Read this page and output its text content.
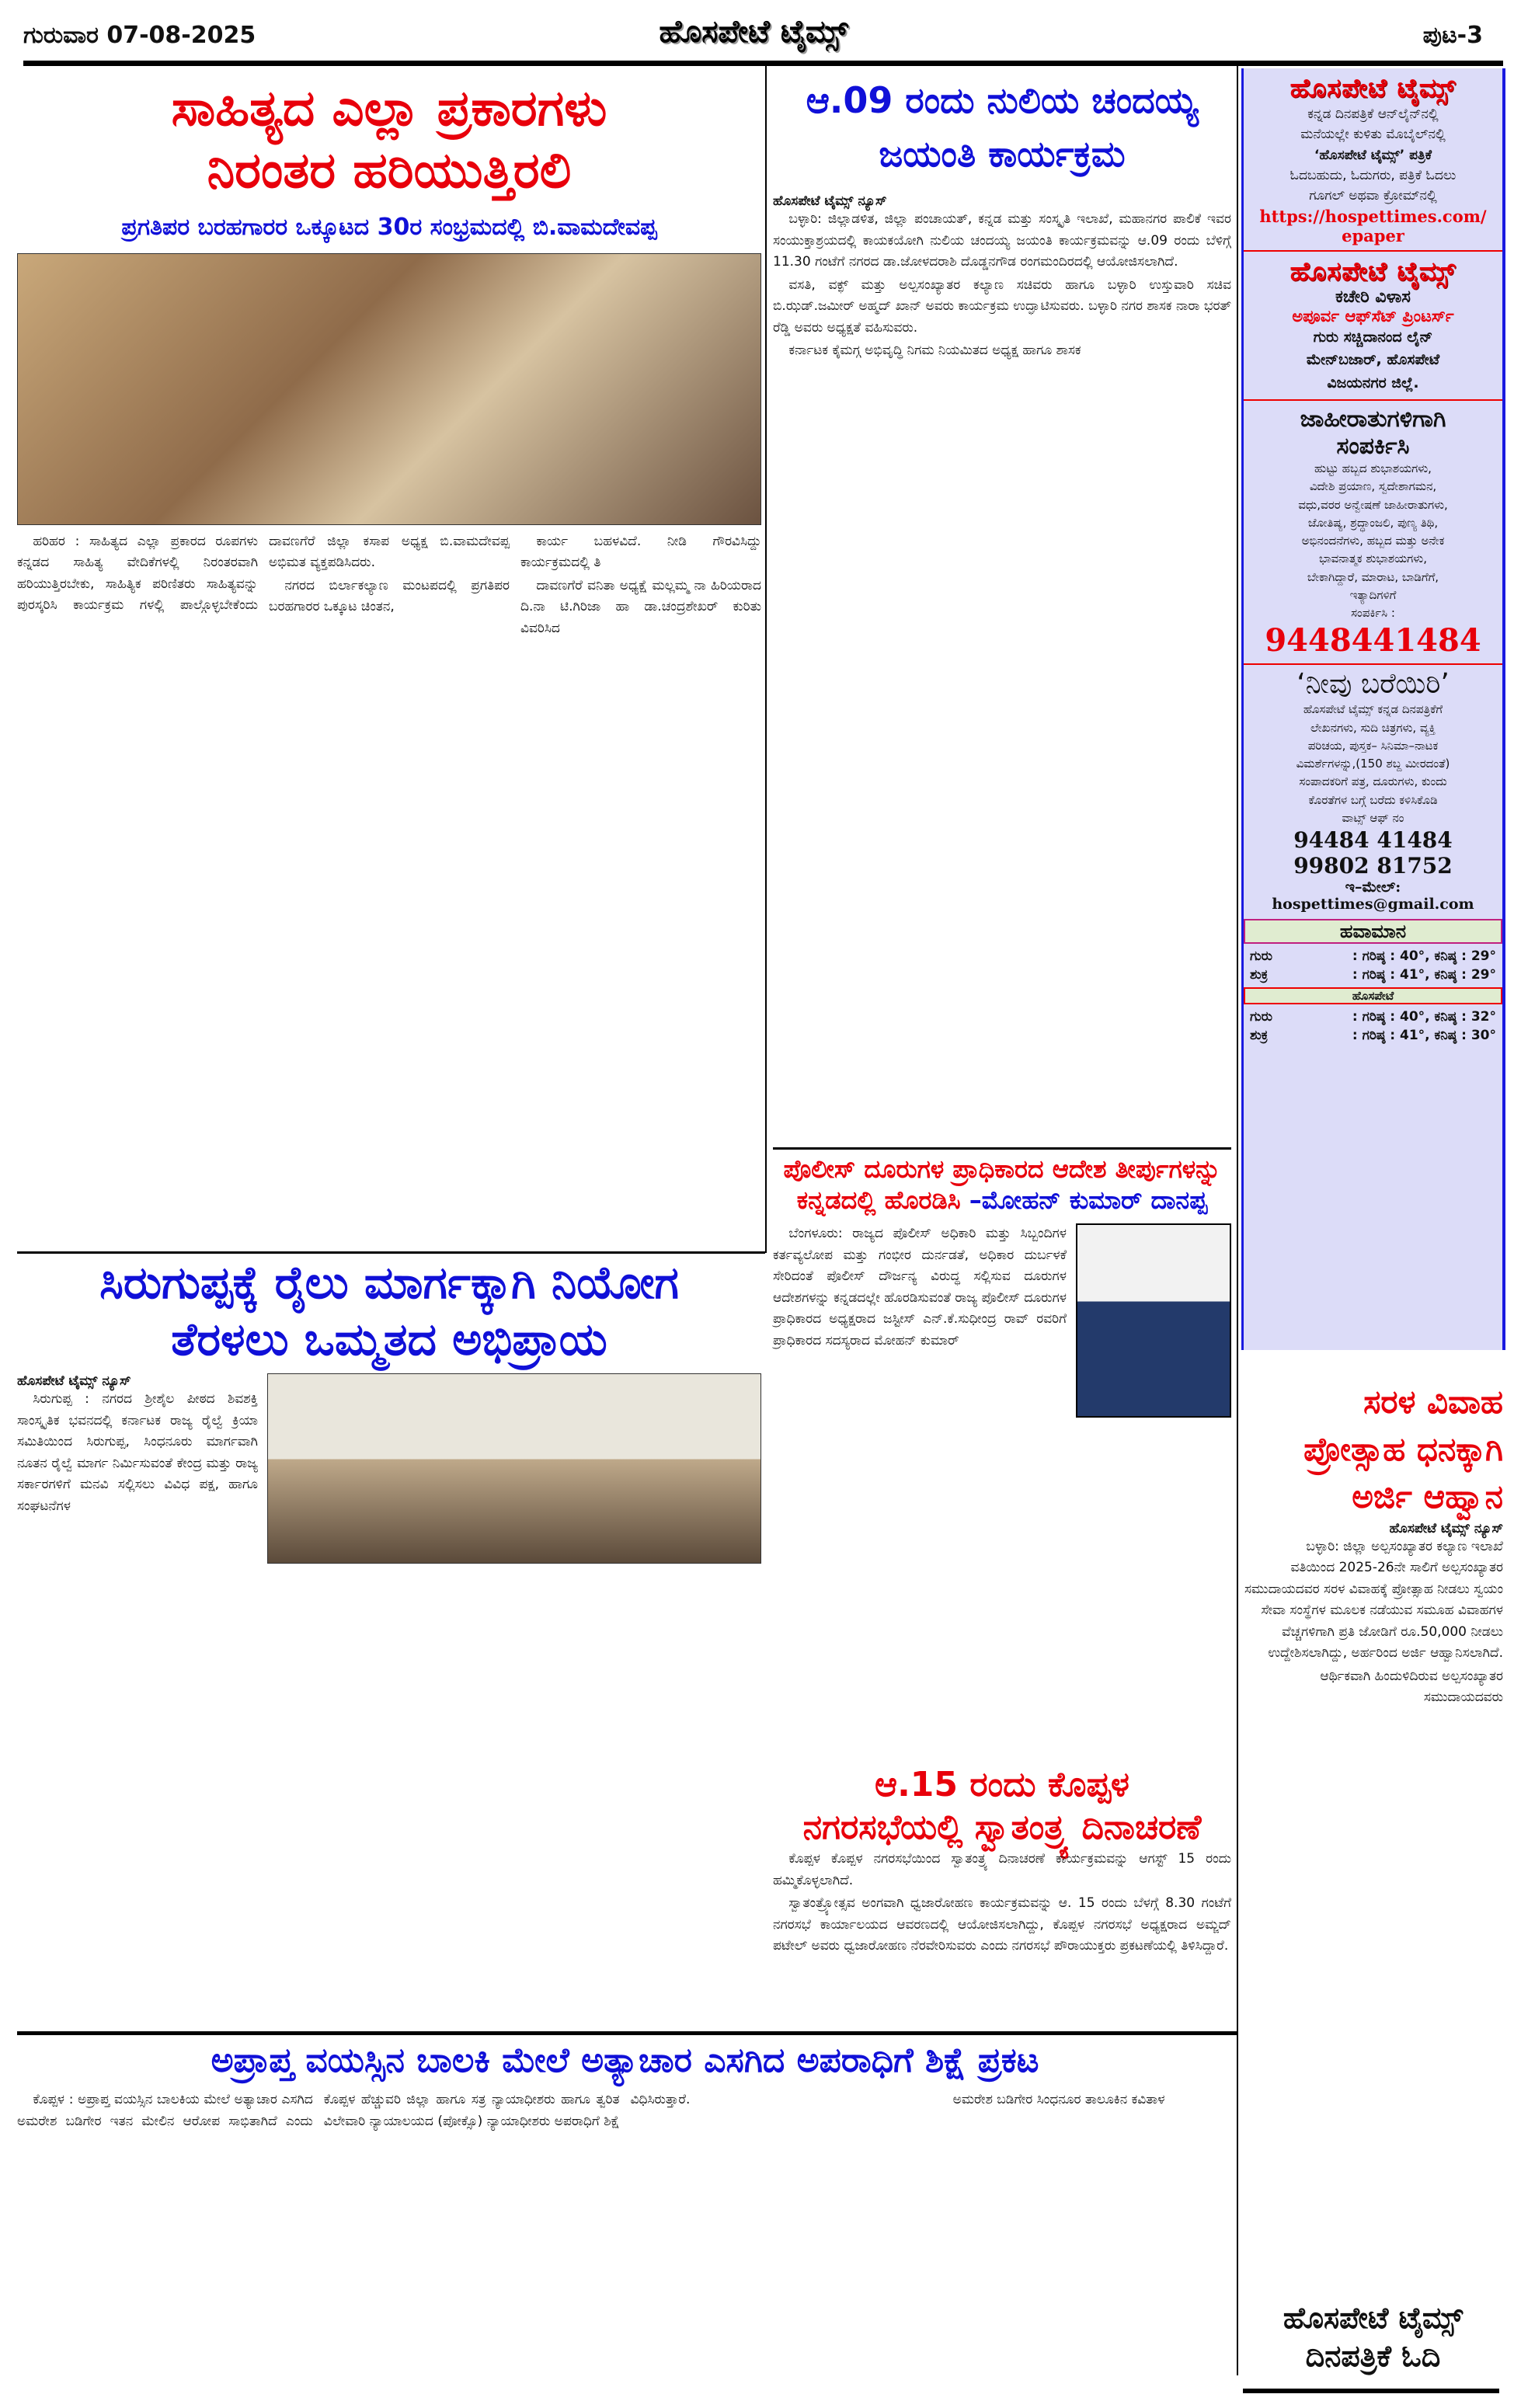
ಗುರುವಾರ 07-08-2025	ಹೊಸಪೇಟೆ ಟೈಮ್ಸ್	ಪುಟ-3
ಸಾಹಿತ್ಯದ ಎಲ್ಲಾ ಪ್ರಕಾರಗಳು
ನಿರಂತರ ಹರಿಯುತ್ತಿರಲಿ
ಪ್ರಗತಿಪರ ಬರಹಗಾರರ ಒಕ್ಕೂಟದ 30ರ ಸಂಭ್ರಮದಲ್ಲಿ ಬಿ.ವಾಮದೇವಪ್ಪ

ಹರಿಹರ : ಸಾಹಿತ್ಯದ ಎಲ್ಲಾ ಪ್ರಕಾರದ ರೂಪಗಳು ಕನ್ನಡದ ಸಾಹಿತ್ಯ ವೇದಿಕೆಗಳಲ್ಲಿ ನಿರಂತರವಾಗಿ ಹರಿಯುತ್ತಿರಬೇಕು, ಸಾಹಿತ್ಯಿಕ ಪರಿಣಿತರು ಸಾಹಿತ್ಯವನ್ನು ಪುರಸ್ಕರಿಸಿ ಕಾರ್ಯಕ್ರಮ ಗಳಲ್ಲಿ ಪಾಲ್ಗೊಳ್ಳಬೇಕೆಂದು ದಾವಣಗೆರೆ ಜಿಲ್ಲಾ ಕಸಾಪ ಅಧ್ಯಕ್ಷ ಬಿ.ವಾಮದೇವಪ್ಪ ಅಭಿಮತ ವ್ಯಕ್ತಪಡಿಸಿದರು.

ನಗರದ ಬಿರ್ಲಾಕಲ್ಯಾಣ ಮಂಟಪದಲ್ಲಿ ಪ್ರಗತಿಪರ ಬರಹಗಾರರ ಒಕ್ಕೂಟ ಚಿಂತನ,

ಕಾರ್ಯ ಬಹಳವಿದೆ. ನೀಡಿ ಗೌರವಿಸಿದ್ದು ಕಾರ್ಯಕ್ರಮದಲ್ಲಿ ತಿ

ದಾವಣಗೆರೆ ವನಿತಾ ಅಧ್ಯಕ್ಷೆ ಮಲ್ಲಮ್ಮ ನಾ ಹಿರಿಯರಾದ ದಿ.ನಾ ಟಿ.ಗಿರಿಜಾ ಹಾ ಡಾ.ಚಂದ್ರಶೇಖರ್ ಕುರಿತು ವಿವರಿಸಿದ

ಆ.09 ರಂದು ನುಲಿಯ ಚಂದಯ್ಯ
ಜಯಂತಿ ಕಾರ್ಯಕ್ರಮ
ಹೊಸಪೇಟೆ ಟೈಮ್ಸ್ ನ್ಯೂಸ್

ಬಳ್ಳಾರಿ: ಜಿಲ್ಲಾಡಳಿತ, ಜಿಲ್ಲಾ ಪಂಚಾಯತ್, ಕನ್ನಡ ಮತ್ತು ಸಂಸ್ಕೃತಿ ಇಲಾಖೆ, ಮಹಾನಗರ ಪಾಲಿಕೆ ಇವರ ಸಂಯುಕ್ತಾಶ್ರಯದಲ್ಲಿ ಕಾಯಕಯೋಗಿ ನುಲಿಯ ಚಂದಯ್ಯ ಜಯಂತಿ ಕಾರ್ಯಕ್ರಮವನ್ನು ಆ.09 ರಂದು ಬೆಳಿಗ್ಗೆ 11.30 ಗಂಟೆಗೆ ನಗರದ ಡಾ.ಜೋಳದರಾಶಿ ದೊಡ್ಡನಗೌಡ ರಂಗಮಂದಿರದಲ್ಲಿ ಆಯೋಜಿಸಲಾಗಿದೆ.

ವಸತಿ, ವಕ್ಫ್ ಮತ್ತು ಅಲ್ಪಸಂಖ್ಯಾತರ ಕಲ್ಯಾಣ ಸಚಿವರು ಹಾಗೂ ಬಳ್ಳಾರಿ ಉಸ್ತುವಾರಿ ಸಚಿವ ಬಿ.ಝಡ್.ಜಮೀರ್ ಅಹ್ಮದ್ ಖಾನ್ ಅವರು ಕಾರ್ಯಕ್ರಮ ಉದ್ಘಾಟಿಸುವರು. ಬಳ್ಳಾರಿ ನಗರ ಶಾಸಕ ನಾರಾ ಭರತ್ ರೆಡ್ಡಿ ಅವರು ಅಧ್ಯಕ್ಷತೆ ವಹಿಸುವರು.

ಕರ್ನಾಟಕ ಕೈಮಗ್ಗ ಅಭಿವೃದ್ಧಿ ನಿಗಮ ನಿಯಮಿತದ ಅಧ್ಯಕ್ಷ ಹಾಗೂ ಶಾಸಕ

ಪೊಲೀಸ್ ದೂರುಗಳ ಪ್ರಾಧಿಕಾರದ ಆದೇಶ ತೀರ್ಪುಗಳನ್ನು
ಕನ್ನಡದಲ್ಲಿ ಹೊರಡಿಸಿ –ಮೋಹನ್ ಕುಮಾರ್ ದಾನಪ್ಪ

ಬೆಂಗಳೂರು: ರಾಜ್ಯದ ಪೊಲೀಸ್ ಅಧಿಕಾರಿ ಮತ್ತು ಸಿಬ್ಬಂದಿಗಳ ಕರ್ತವ್ಯಲೋಪ ಮತ್ತು ಗಂಭೀರ ದುರ್ನಡತೆ, ಅಧಿಕಾರ ದುರ್ಬಳಕೆ ಸೇರಿದಂತೆ ಪೊಲೀಸ್ ದೌರ್ಜನ್ಯ ವಿರುದ್ಧ ಸಲ್ಲಿಸುವ ದೂರುಗಳ ಆದೇಶಗಳನ್ನು ಕನ್ನಡದಲ್ಲೇ ಹೊರಡಿಸುವಂತೆ ರಾಜ್ಯ ಪೊಲೀಸ್ ದೂರುಗಳ ಪ್ರಾಧಿಕಾರದ ಅಧ್ಯಕ್ಷರಾದ ಜಸ್ಟೀಸ್ ಎನ್.ಕೆ.ಸುಧೀಂದ್ರ ರಾವ್ ರವರಿಗೆ ಪ್ರಾಧಿಕಾರದ ಸದಸ್ಯರಾದ ಮೋಹನ್ ಕುಮಾರ್

ಆ.15 ರಂದು ಕೊಪ್ಪಳ
ನಗರಸಭೆಯಲ್ಲಿ ಸ್ವಾತಂತ್ರ್ಯ ದಿನಾಚರಣೆ

ಕೊಪ್ಪಳ ಕೊಪ್ಪಳ ನಗರಸಭೆಯಿಂದ ಸ್ವಾತಂತ್ರ್ಯ ದಿನಾಚರಣೆ ಕಾರ್ಯಕ್ರಮವನ್ನು ಆಗಸ್ಟ್ 15 ರಂದು ಹಮ್ಮಿಕೊಳ್ಳಲಾಗಿದೆ.

ಸ್ವಾತಂತ್ರ್ಯೋತ್ಸವ ಅಂಗವಾಗಿ ಧ್ವಜಾರೋಹಣ ಕಾರ್ಯಕ್ರಮವನ್ನು ಆ. 15 ರಂದು ಬೆಳಗ್ಗೆ 8.30 ಗಂಟೆಗೆ ನಗರಸಭೆ ಕಾರ್ಯಾಲಯದ ಆವರಣದಲ್ಲಿ ಆಯೋಜಿಸಲಾಗಿದ್ದು, ಕೊಪ್ಪಳ ನಗರಸಭೆ ಅಧ್ಯಕ್ಷರಾದ ಅಮ್ಜದ್ ಪಟೇಲ್ ಅವರು ಧ್ವಜಾರೋಹಣ ನೆರವೇರಿಸುವರು ಎಂದು ನಗರಸಭೆ ಪೌರಾಯುಕ್ತರು ಪ್ರಕಟಣೆಯಲ್ಲಿ ತಿಳಿಸಿದ್ದಾರೆ.

ಸಿರುಗುಪ್ಪಕ್ಕೆ ರೈಲು ಮಾರ್ಗಕ್ಕಾಗಿ ನಿಯೋಗ
ತೆರಳಲು ಒಮ್ಮತದ ಅಭಿಪ್ರಾಯ
ಹೊಸಪೇಟೆ ಟೈಮ್ಸ್ ನ್ಯೂಸ್

ಸಿರುಗುಪ್ಪ : ನಗರದ ಶ್ರೀಶೈಲ ಪೀಠದ ಶಿವಶಕ್ತಿ ಸಾಂಸ್ಕೃತಿಕ ಭವನದಲ್ಲಿ ಕರ್ನಾಟಕ ರಾಜ್ಯ ರೈಲ್ವೆ ಕ್ರಿಯಾ ಸಮಿತಿಯಿಂದ ಸಿರುಗುಪ್ಪ, ಸಿಂಧನೂರು ಮಾರ್ಗವಾಗಿ ನೂತನ ರೈಲ್ವೆ ಮಾರ್ಗ ನಿರ್ಮಿಸುವಂತೆ ಕೇಂದ್ರ ಮತ್ತು ರಾಜ್ಯ ಸರ್ಕಾರಗಳಿಗೆ ಮನವಿ ಸಲ್ಲಿಸಲು ವಿವಿಧ ಪಕ್ಷ, ಹಾಗೂ ಸಂಘಟನೆಗಳ

ಅಪ್ರಾಪ್ತ ವಯಸ್ಸಿನ ಬಾಲಕಿ ಮೇಲೆ ಅತ್ಯಾಚಾರ ಎಸಗಿದ ಅಪರಾಧಿಗೆ ಶಿಕ್ಷೆ ಪ್ರಕಟ

ಕೊಪ್ಪಳ : ಅಪ್ರಾಪ್ತ ವಯಸ್ಸಿನ ಬಾಲಕಿಯ ಮೇಲೆ ಅತ್ಯಾಚಾರ ಎಸಗಿದ ಅಮರೇಶ ಬಡಿಗೇರ ಇತನ ಮೇಲಿನ ಆರೋಪ ಸಾಭಿತಾಗಿದೆ ಎಂದು ಕೊಪ್ಪಳ ಹೆಚ್ಚುವರಿ ಜಿಲ್ಲಾ ಹಾಗೂ ಸತ್ರ ನ್ಯಾಯಾಧೀಶರು ಹಾಗೂ ತ್ವರಿತ ವಿಲೇವಾರಿ ನ್ಯಾಯಾಲಯದ (ಪೋಕ್ಸೊ) ನ್ಯಾಯಾಧೀಶರು ಅಪರಾಧಿಗೆ ಶಿಕ್ಷೆ ವಿಧಿಸಿರುತ್ತಾರೆ.	ಅಮರೇಶ ಬಡಿಗೇರ ಸಿಂಧನೂರ ತಾಲೂಕಿನ ಕವಿತಾಳ

ಹೊಸಪೇಟೆ ಟೈಮ್ಸ್
ಕನ್ನಡ ದಿನಪತ್ರಿಕೆ ಆನ್‌ಲೈನ್‌ನಲ್ಲಿ
ಮನೆಯಲ್ಲೇ ಕುಳಿತು ಮೊಬೈಲ್‌ನಲ್ಲಿ
‘ಹೊಸಪೇಟೆ ಟೈಮ್ಸ್’ ಪತ್ರಿಕೆ
ಓದಬಹುದು, ಓದುಗರು, ಪತ್ರಿಕೆ ಓದಲು
ಗೂಗಲ್ ಅಥವಾ ಕ್ರೋಮ್‌ನಲ್ಲಿ
https://hospettimes.com/
epaper
ಹೊಸಪೇಟೆ ಟೈಮ್ಸ್
ಕಚೇರಿ ವಿಳಾಸ
ಅಪೂರ್ವ ಆಫ್‌ಸೆಟ್ ಪ್ರಿಂಟರ್ಸ್
ಗುರು ಸಚ್ಚಿದಾನಂದ ಲೈನ್
ಮೇನ್‌ಬಜಾರ್, ಹೊಸಪೇಟೆ
ವಿಜಯನಗರ ಜಿಲ್ಲೆ.
ಜಾಹೀರಾತುಗಳಿಗಾಗಿ
ಸಂಪರ್ಕಿಸಿ
ಹುಟ್ಟು ಹಬ್ಬದ ಶುಭಾಶಯಗಳು,
ವಿದೇಶಿ ಪ್ರಯಾಣ, ಸ್ವದೇಶಾಗಮನ,
ವಧು,ವರರ ಅನ್ವೇಷಣೆ ಜಾಹೀರಾತುಗಳು,
ಜೋತಿಷ್ಯ, ಶ್ರದ್ಧಾಂಜಲಿ, ಪುಣ್ಯ ತಿಥಿ,
ಅಭಿನಂದನೆಗಳು, ಹಬ್ಬದ ಮತ್ತು ಅನೇಕ
ಭಾವನಾತ್ಮಕ ಶುಭಾಶಯಗಳು,
ಬೇಕಾಗಿದ್ದಾರೆ, ಮಾರಾಟ, ಬಾಡಿಗೆಗೆ,
ಇತ್ಯಾದಿಗಳಿಗೆ
ಸಂಪರ್ಕಿಸಿ :
9448441484
‘ನೀವು ಬರೆಯಿರಿ’
ಹೊಸಪೇಟೆ ಟೈಮ್ಸ್ ಕನ್ನಡ ದಿನಪತ್ರಿಕೆಗೆ
ಲೇಖನಗಳು, ಸುದಿ ಚಿತ್ರಗಳು, ವ್ಯಕ್ತಿ
ಪರಿಚಯ, ಪುಸ್ತಕ– ಸಿನಿಮಾ–ನಾಟಕ
ವಿಮರ್ಶೆಗಳನ್ನು,(150 ಶಬ್ದ ಮೀರದಂತೆ)
ಸಂಪಾದಕರಿಗೆ ಪತ್ರ, ದೂರುಗಳು, ಕುಂದು
ಕೊರತೆಗಳ ಬಗ್ಗೆ ಬರೆದು ಕಳಿಸಿಕೊಡಿ
ವಾಟ್ಸ್ ಆಫ್ ನಂ
94484 41484
99802 81752
ಇ–ಮೇಲ್: hospettimes@gmail.com
ಹವಾಮಾನ
ಗುರು	: ಗರಿಷ್ಠ : 40°, ಕನಿಷ್ಠ : 29°
ಶುಕ್ರ	: ಗರಿಷ್ಠ : 41°, ಕನಿಷ್ಠ : 29°
ಹೊಸಪೇಟೆ
ಗುರು	: ಗರಿಷ್ಠ : 40°, ಕನಿಷ್ಠ : 32°
ಶುಕ್ರ	: ಗರಿಷ್ಠ : 41°, ಕನಿಷ್ಠ : 30°
ಸರಳ ವಿವಾಹ
ಪ್ರೋತ್ಸಾಹ ಧನಕ್ಕಾಗಿ
ಅರ್ಜಿ ಆಹ್ವಾನ
ಹೊಸಪೇಟೆ ಟೈಮ್ಸ್ ನ್ಯೂಸ್

ಬಳ್ಳಾರಿ: ಜಿಲ್ಲಾ ಅಲ್ಪಸಂಖ್ಯಾತರ ಕಲ್ಯಾಣ ಇಲಾಖೆ ವತಿಯಿಂದ 2025-26ನೇ ಸಾಲಿಗೆ ಅಲ್ಪಸಂಖ್ಯಾತರ ಸಮುದಾಯದವರ ಸರಳ ವಿವಾಹಕ್ಕೆ ಪ್ರೋತ್ಸಾಹ ನೀಡಲು ಸ್ವಯಂ ಸೇವಾ ಸಂಸ್ಥೆಗಳ ಮೂಲಕ ನಡೆಯುವ ಸಮೂಹ ವಿವಾಹಗಳ ವೆಚ್ಚಗಳಿಗಾಗಿ ಪ್ರತಿ ಜೋಡಿಗೆ ರೂ.50,000 ನೀಡಲು ಉದ್ದೇಶಿಸಲಾಗಿದ್ದು, ಅರ್ಹರಿಂದ ಅರ್ಜಿ ಆಹ್ವಾನಿಸಲಾಗಿದೆ.

ಆರ್ಥಿಕವಾಗಿ ಹಿಂದುಳಿದಿರುವ ಅಲ್ಪಸಂಖ್ಯಾತರ ಸಮುದಾಯದವರು

ಹೊಸಪೇಟೆ ಟೈಮ್ಸ್
ದಿನಪತ್ರಿಕೆ ಓದಿ
